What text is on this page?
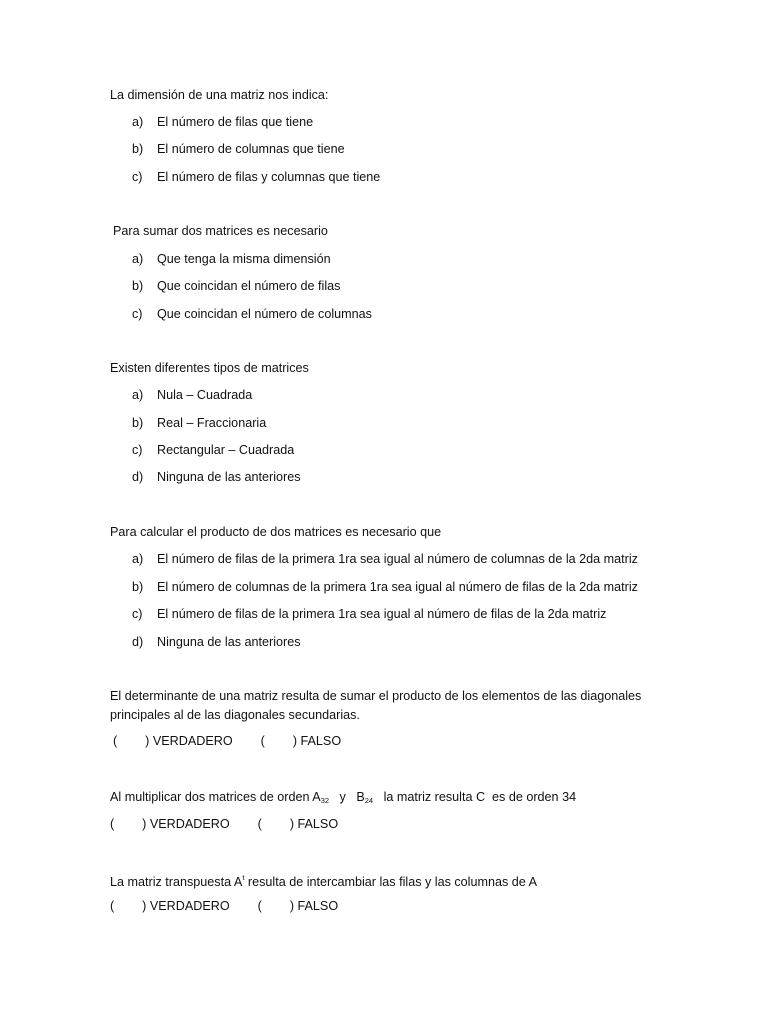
La dimensión de una matriz nos indica:
a) El número de filas que tiene
b) El número de columnas que tiene
c) El número de filas y columnas que tiene
Para sumar dos matrices es necesario
a) Que tenga la misma dimensión
b) Que coincidan el número de filas
c) Que coincidan el número de columnas
Existen diferentes tipos de matrices
a) Nula – Cuadrada
b) Real – Fraccionaria
c) Rectangular – Cuadrada
d) Ninguna de las anteriores
Para calcular el producto de dos matrices es necesario que
a) El número de filas de la primera 1ra sea igual al número de columnas de la 2da matriz
b) El número de columnas de la primera 1ra sea igual al número de filas de la 2da matriz
c) El número de filas de la primera 1ra sea igual al número de filas de la 2da matriz
d) Ninguna de las anteriores
El determinante de una matriz resulta de sumar el producto de los elementos de las diagonales principales al de las diagonales secundarias.
(        ) VERDADERO        (        ) FALSO
Al multiplicar dos matrices de orden $A_{32}$   y   $B_{24}$   la matriz resulta C  es de orden 34
(        ) VERDADERO        (        ) FALSO
La matriz transpuesta $A^t$ resulta de intercambiar las filas y las columnas de A
(        ) VERDADERO        (        ) FALSO
